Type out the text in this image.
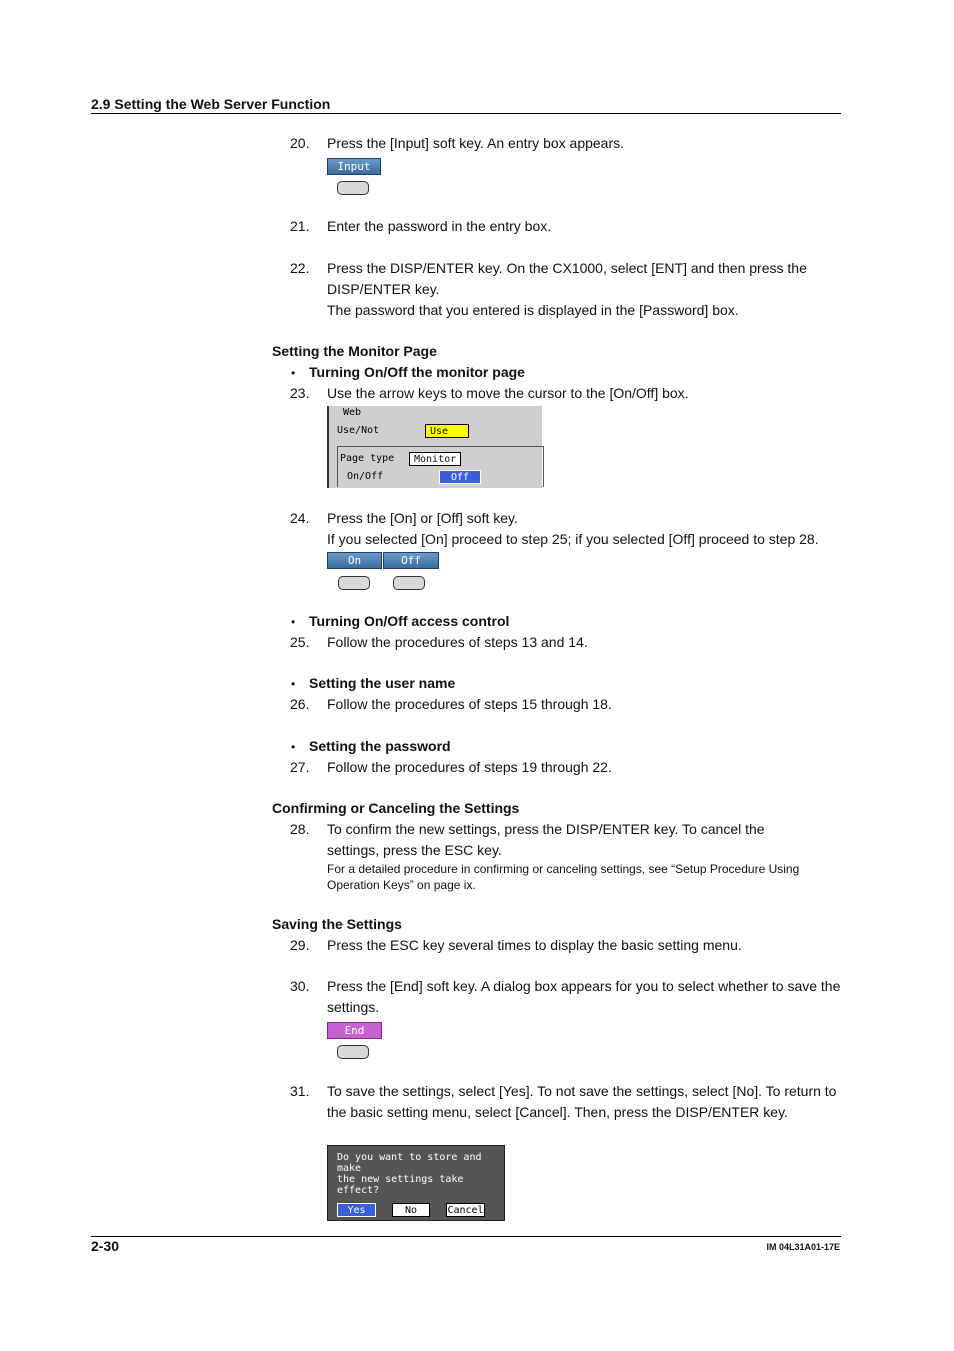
2.9 Setting the Web Server Function
2-30	IM 04L31A01-17E
20. Press the [Input] soft key. An entry box appears.
Input
21. Enter the password in the entry box.
22. Press the DISP/ENTER key. On the CX1000, select [ENT] and then press the DISP/ENTER key.
The password that you entered is displayed in the [Password] box.
Setting the Monitor Page
• Turning On/Off the monitor page
23. Use the arrow keys to move the cursor to the [On/Off] box.
Web
Use/Not	Use
Page type	Monitor
On/Off	Off
24. Press the [On] or [Off] soft key.
If you selected [On] proceed to step 25; if you selected [Off] proceed to step 28.
On	Off
• Turning On/Off access control
25. Follow the procedures of steps 13 and 14.
• Setting the user name
26. Follow the procedures of steps 15 through 18.
• Setting the password
27. Follow the procedures of steps 19 through 22.
Confirming or Canceling the Settings
28. To confirm the new settings, press the DISP/ENTER key. To cancel the settings, press the ESC key.
For a detailed procedure in confirming or canceling settings, see “Setup Procedure Using Operation Keys” on page ix.
Saving the Settings
29. Press the ESC key several times to display the basic setting menu.
30. Press the [End] soft key. A dialog box appears for you to select whether to save the settings.
End
31. To save the settings, select [Yes]. To not save the settings, select [No]. To return to the basic setting menu, select [Cancel]. Then, press the DISP/ENTER key.
Do you want to store and make
the new settings take effect?
Yes	No	Cancel
